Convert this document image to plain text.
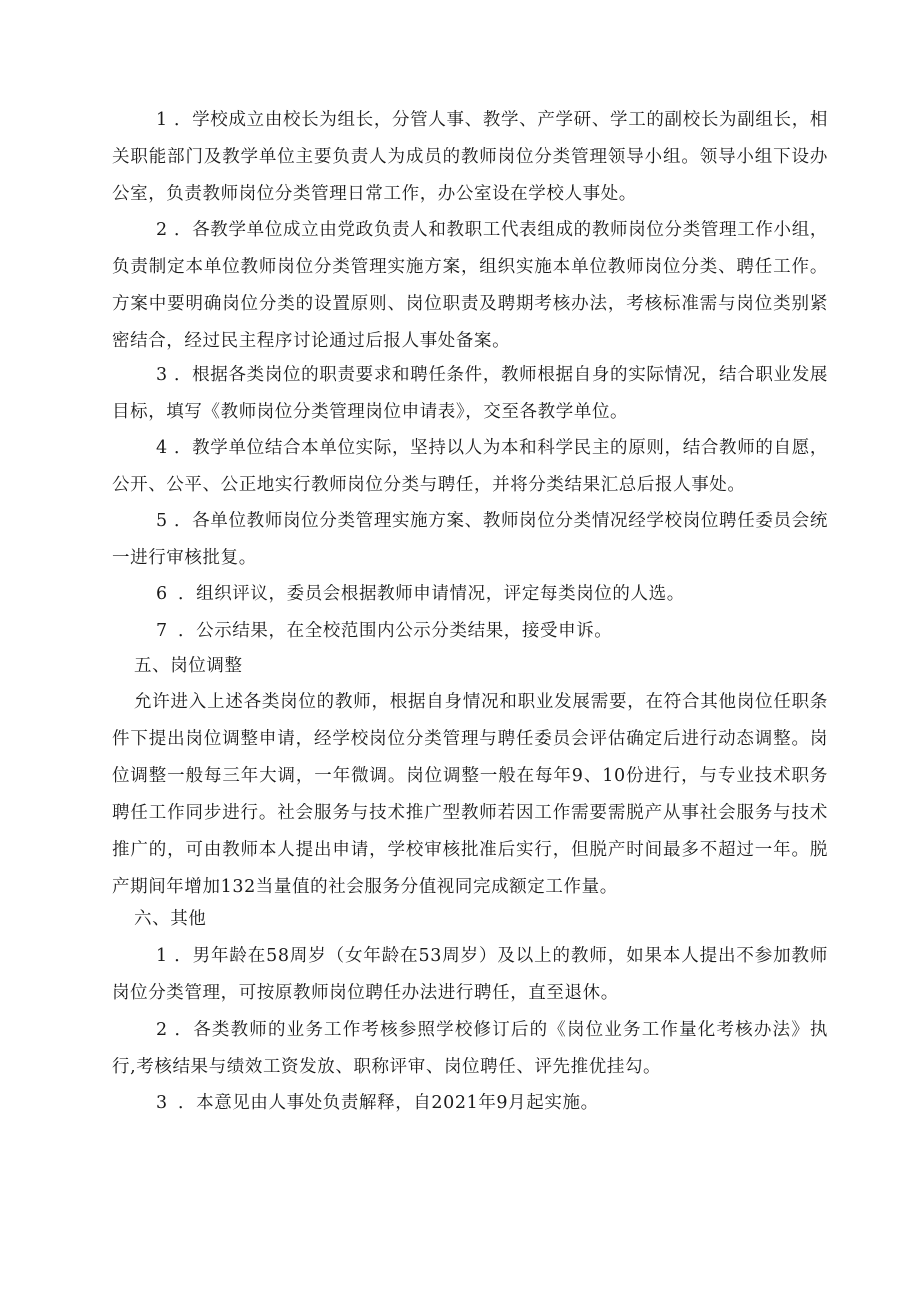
1 ．学校成立由校长为组长，分管人事、教学、产学研、学工的副校长为副组长，相关职能部门及教学单位主要负责人为成员的教师岗位分类管理领导小组。领导小组下设办公室，负责教师岗位分类管理日常工作，办公室设在学校人事处。

2 ．各教学单位成立由党政负责人和教职工代表组成的教师岗位分类管理工作小组，负责制定本单位教师岗位分类管理实施方案，组织实施本单位教师岗位分类、聘任工作。方案中要明确岗位分类的设置原则、岗位职责及聘期考核办法，考核标准需与岗位类别紧密结合，经过民主程序讨论通过后报人事处备案。

3 ．根据各类岗位的职责要求和聘任条件，教师根据自身的实际情况，结合职业发展目标，填写《教师岗位分类管理岗位申请表》，交至各教学单位。

4 ．教学单位结合本单位实际，坚持以人为本和科学民主的原则，结合教师的自愿，公开、公平、公正地实行教师岗位分类与聘任，并将分类结果汇总后报人事处。

5 ．各单位教师岗位分类管理实施方案、教师岗位分类情况经学校岗位聘任委员会统一进行审核批复。

6 ．组织评议，委员会根据教师申请情况，评定每类岗位的人选。

7 ．公示结果，在全校范围内公示分类结果，接受申诉。

五、岗位调整

允许进入上述各类岗位的教师，根据自身情况和职业发展需要，在符合其他岗位任职条件下提出岗位调整申请，经学校岗位分类管理与聘任委员会评估确定后进行动态调整。岗位调整一般每三年大调，一年微调。岗位调整一般在每年9、10份进行，与专业技术职务聘任工作同步进行。社会服务与技术推广型教师若因工作需要需脱产从事社会服务与技术推广的，可由教师本人提出申请，学校审核批准后实行，但脱产时间最多不超过一年。脱产期间年增加132当量值的社会服务分值视同完成额定工作量。

六、其他

1 ．男年龄在58周岁（女年龄在53周岁）及以上的教师，如果本人提出不参加教师岗位分类管理，可按原教师岗位聘任办法进行聘任，直至退休。

2 ．各类教师的业务工作考核参照学校修订后的《岗位业务工作量化考核办法》执行,考核结果与绩效工资发放、职称评审、岗位聘任、评先推优挂勾。

3 ．本意见由人事处负责解释，自2021年9月起实施。
